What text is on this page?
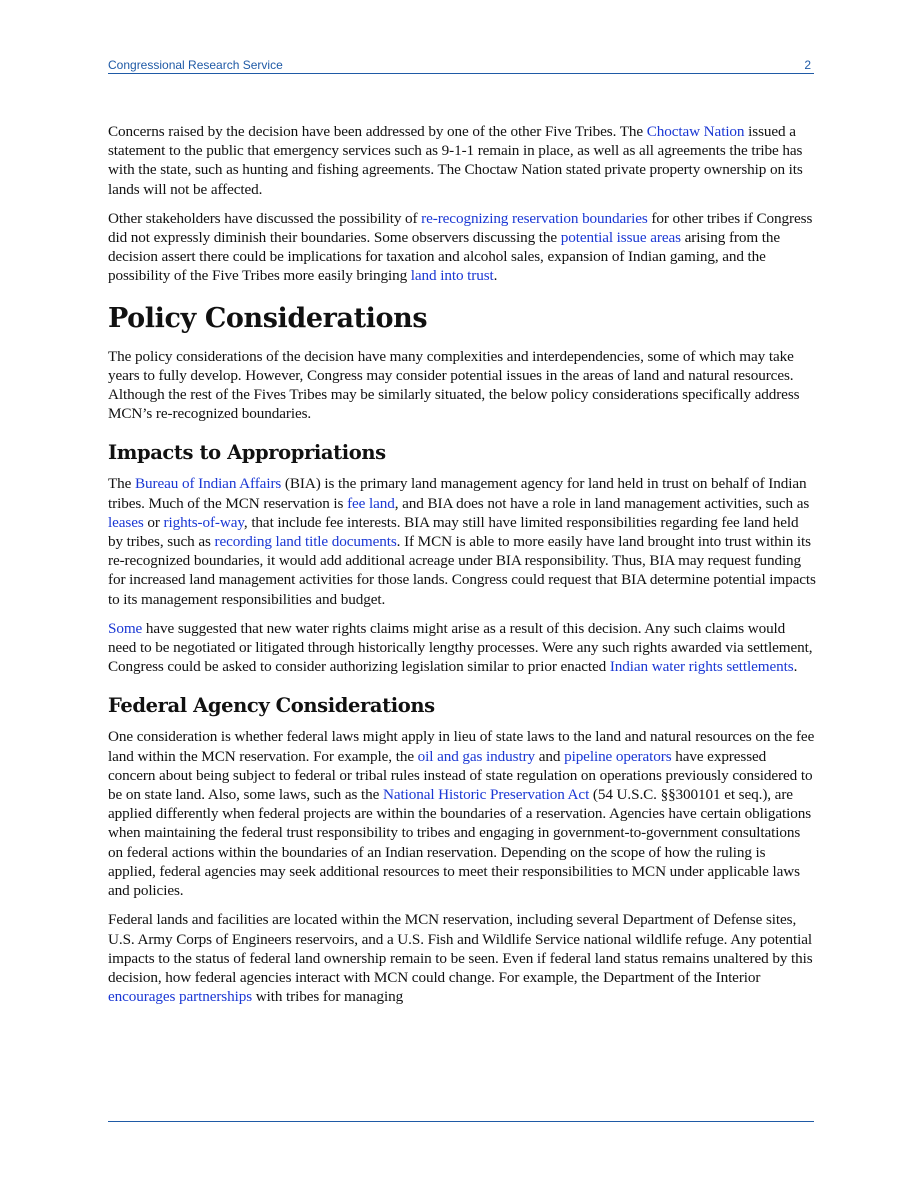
Congressional Research Service	2

Concerns raised by the decision have been addressed by one of the other Five Tribes. The Choctaw Nation issued a statement to the public that emergency services such as 9-1-1 remain in place, as well as all agreements the tribe has with the state, such as hunting and fishing agreements. The Choctaw Nation stated private property ownership on its lands will not be affected.

Other stakeholders have discussed the possibility of re-recognizing reservation boundaries for other tribes if Congress did not expressly diminish their boundaries. Some observers discussing the potential issue areas arising from the decision assert there could be implications for taxation and alcohol sales, expansion of Indian gaming, and the possibility of the Five Tribes more easily bringing land into trust.

Policy Considerations

The policy considerations of the decision have many complexities and interdependencies, some of which may take years to fully develop. However, Congress may consider potential issues in the areas of land and natural resources. Although the rest of the Fives Tribes may be similarly situated, the below policy considerations specifically address MCN’s re-recognized boundaries.

Impacts to Appropriations

The Bureau of Indian Affairs (BIA) is the primary land management agency for land held in trust on behalf of Indian tribes. Much of the MCN reservation is fee land, and BIA does not have a role in land management activities, such as leases or rights-of-way, that include fee interests. BIA may still have limited responsibilities regarding fee land held by tribes, such as recording land title documents. If MCN is able to more easily have land brought into trust within its re-recognized boundaries, it would add additional acreage under BIA responsibility. Thus, BIA may request funding for increased land management activities for those lands. Congress could request that BIA determine potential impacts to its management responsibilities and budget.

Some have suggested that new water rights claims might arise as a result of this decision. Any such claims would need to be negotiated or litigated through historically lengthy processes. Were any such rights awarded via settlement, Congress could be asked to consider authorizing legislation similar to prior enacted Indian water rights settlements.

Federal Agency Considerations

One consideration is whether federal laws might apply in lieu of state laws to the land and natural resources on the fee land within the MCN reservation. For example, the oil and gas industry and pipeline operators have expressed concern about being subject to federal or tribal rules instead of state regulation on operations previously considered to be on state land. Also, some laws, such as the National Historic Preservation Act (54 U.S.C. §§300101 et seq.), are applied differently when federal projects are within the boundaries of a reservation. Agencies have certain obligations when maintaining the federal trust responsibility to tribes and engaging in government-to-government consultations on federal actions within the boundaries of an Indian reservation. Depending on the scope of how the ruling is applied, federal agencies may seek additional resources to meet their responsibilities to MCN under applicable laws and policies.

Federal lands and facilities are located within the MCN reservation, including several Department of Defense sites, U.S. Army Corps of Engineers reservoirs, and a U.S. Fish and Wildlife Service national wildlife refuge. Any potential impacts to the status of federal land ownership remain to be seen. Even if federal land status remains unaltered by this decision, how federal agencies interact with MCN could change. For example, the Department of the Interior encourages partnerships with tribes for managing
